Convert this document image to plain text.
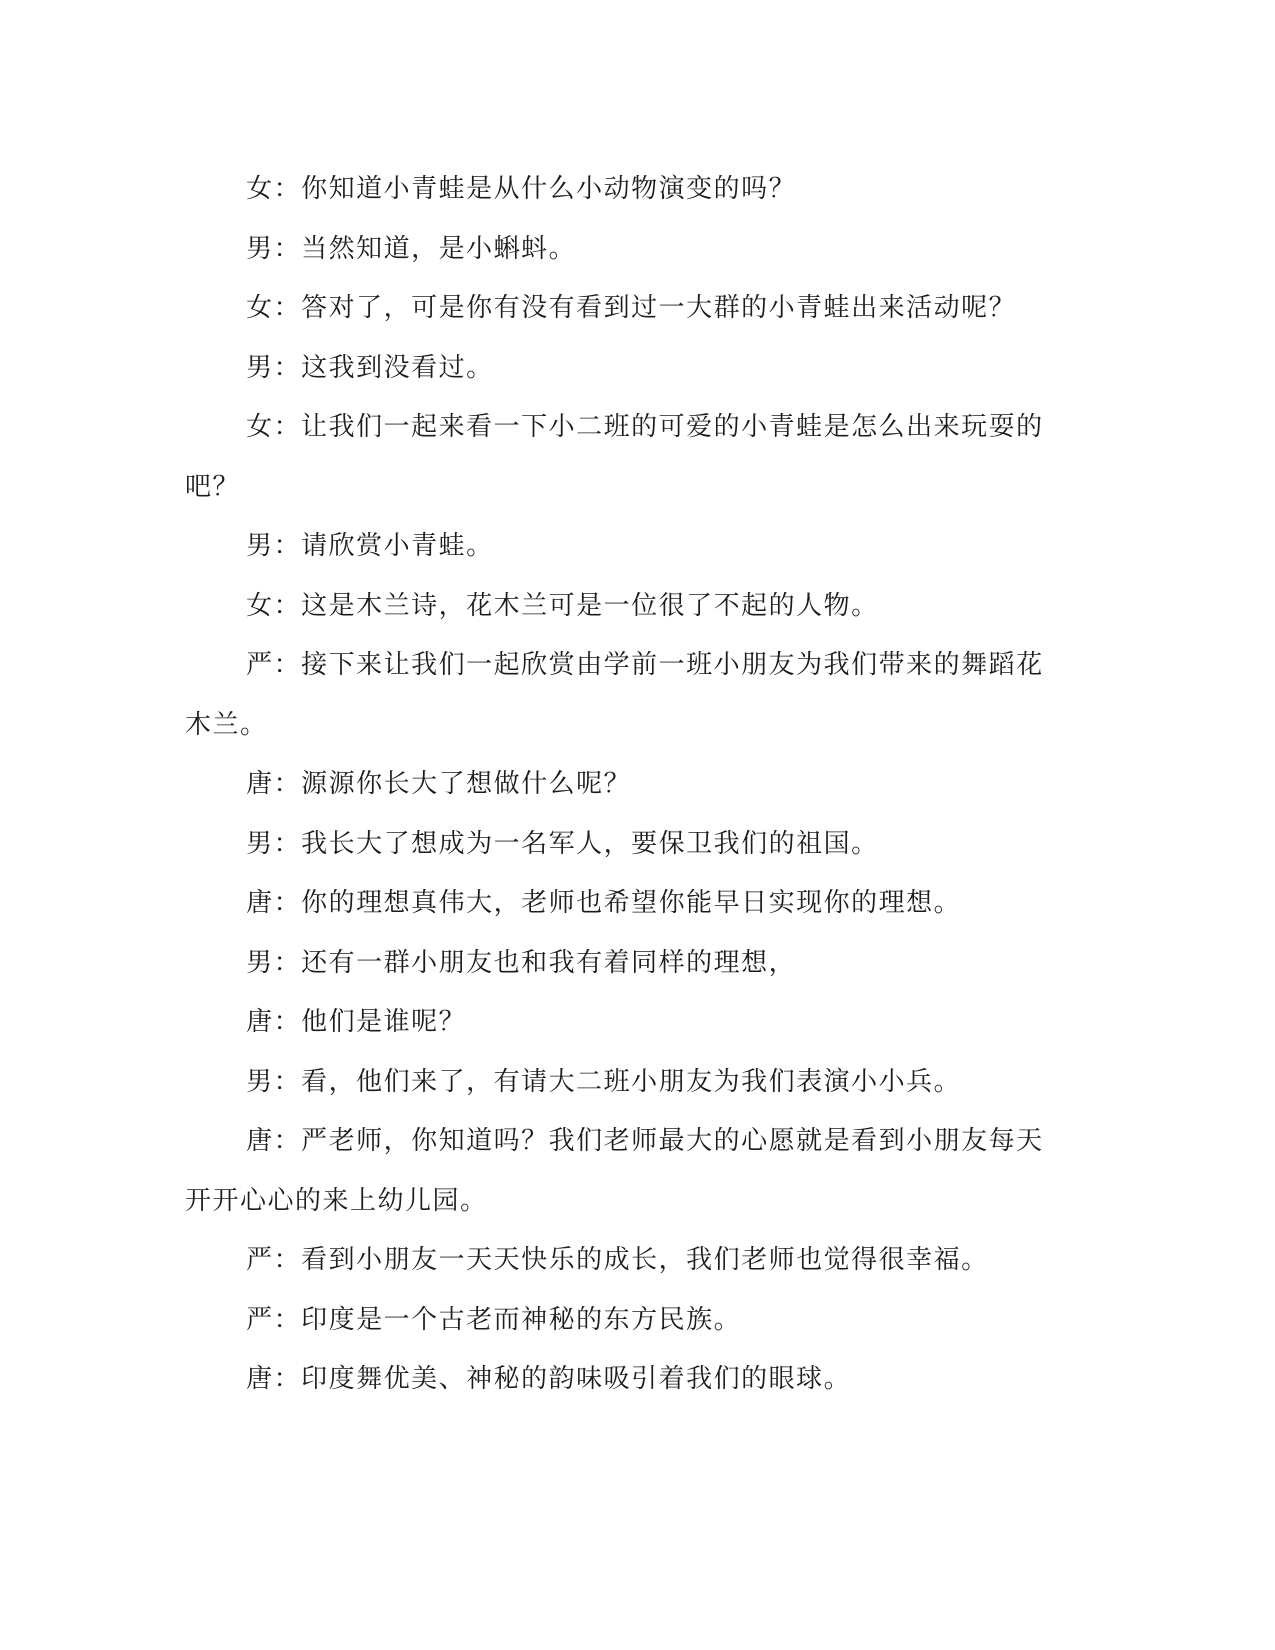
女：你知道小青蛙是从什么小动物演变的吗？

男：当然知道，是小蝌蚪。

女：答对了，可是你有没有看到过一大群的小青蛙出来活动呢？

男：这我到没看过。

女：让我们一起来看一下小二班的可爱的小青蛙是怎么出来玩耍的吧？

男：请欣赏小青蛙。

女：这是木兰诗，花木兰可是一位很了不起的人物。

严：接下来让我们一起欣赏由学前一班小朋友为我们带来的舞蹈花木兰。

唐：源源你长大了想做什么呢？

男：我长大了想成为一名军人，要保卫我们的祖国。

唐：你的理想真伟大，老师也希望你能早日实现你的理想。

男：还有一群小朋友也和我有着同样的理想，

唐：他们是谁呢？

男：看，他们来了，有请大二班小朋友为我们表演小小兵。

唐：严老师，你知道吗？我们老师最大的心愿就是看到小朋友每天开开心心的来上幼儿园。

严：看到小朋友一天天快乐的成长，我们老师也觉得很幸福。

严：印度是一个古老而神秘的东方民族。

唐：印度舞优美、神秘的韵味吸引着我们的眼球。
